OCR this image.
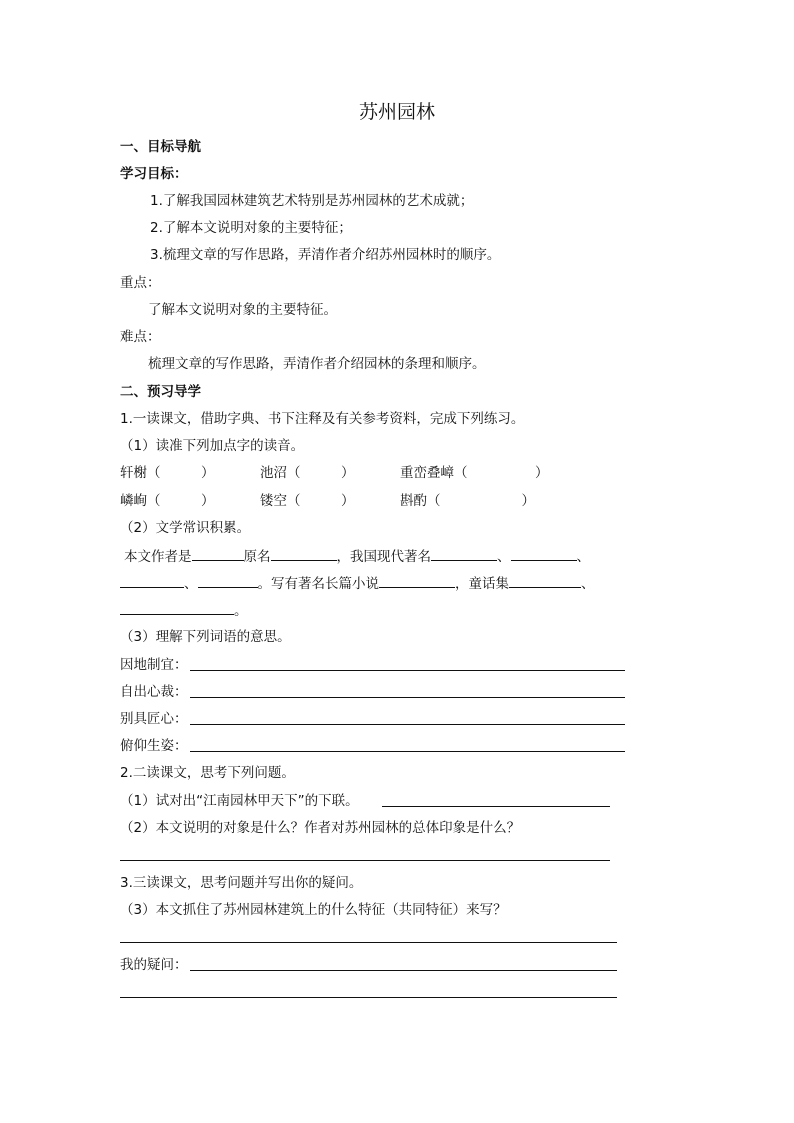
苏州园林
一、目标导航
学习目标：
1.了解我国园林建筑艺术特别是苏州园林的艺术成就；
2.了解本文说明对象的主要特征；
3.梳理文章的写作思路，弄清作者介绍苏州园林时的顺序。
重点：
了解本文说明对象的主要特征。
难点：
梳理文章的写作思路，弄清作者介绍园林的条理和顺序。
二、预习导学
1.一读课文，借助字典、书下注释及有关参考资料，完成下列练习。
（1）读准下列加点字的读音。
轩榭（　　　）	池沼（　　　）	重峦叠嶂（　　　　　）
嶙峋（　　　）	镂空（　　　）	斟酌（　　　　　　）
（2）文学常识积累。
本文作者是	原名	，我国现代著名	、	、
、	。写有著名长篇小说	，童话集	、
。
（3）理解下列词语的意思。
因地制宜：
自出心裁：
别具匠心：
俯仰生姿：
2.二读课文，思考下列问题。
（1）试对出“江南园林甲天下”的下联。
（2）本文说明的对象是什么？作者对苏州园林的总体印象是什么？
3.三读课文，思考问题并写出你的疑问。
（3）本文抓住了苏州园林建筑上的什么特征（共同特征）来写？
我的疑问：
